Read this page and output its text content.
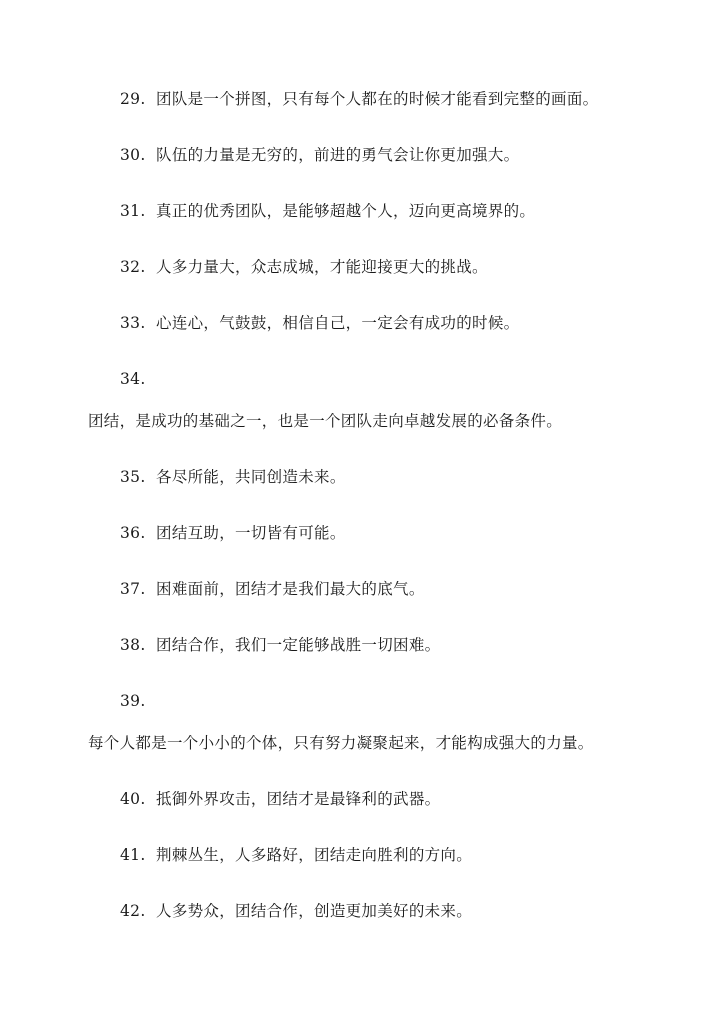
29. 团队是一个拼图，只有每个人都在的时候才能看到完整的画面。
30. 队伍的力量是无穷的，前进的勇气会让你更加强大。
31. 真正的优秀团队，是能够超越个人，迈向更高境界的。
32. 人多力量大，众志成城，才能迎接更大的挑战。
33. 心连心，气鼓鼓，相信自己，一定会有成功的时候。
34.
团结，是成功的基础之一，也是一个团队走向卓越发展的必备条件。
35. 各尽所能，共同创造未来。
36. 团结互助，一切皆有可能。
37. 困难面前，团结才是我们最大的底气。
38. 团结合作，我们一定能够战胜一切困难。
39.
每个人都是一个小小的个体，只有努力凝聚起来，才能构成强大的力量。
40. 抵御外界攻击，团结才是最锋利的武器。
41. 荆棘丛生，人多路好，团结走向胜利的方向。
42. 人多势众，团结合作，创造更加美好的未来。
